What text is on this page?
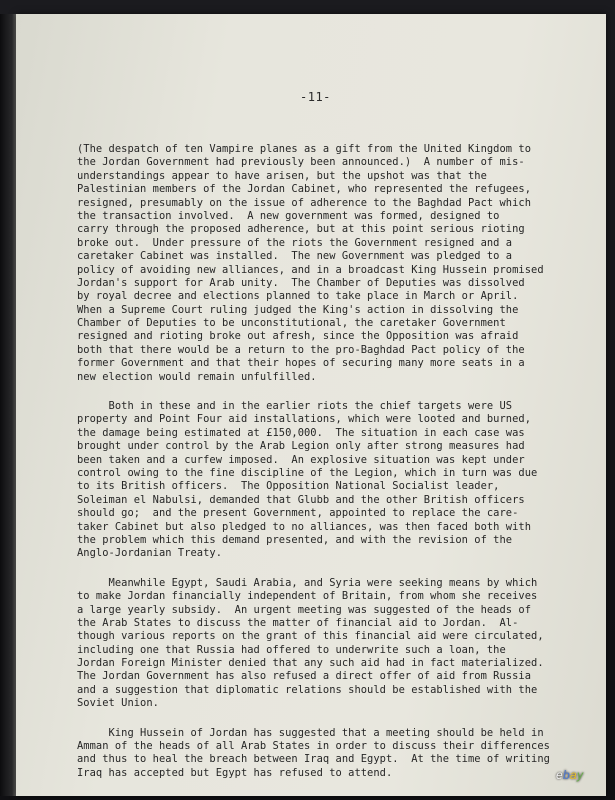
-11-
(The despatch of ten Vampire planes as a gift from the United Kingdom to
the Jordan Government had previously been announced.)  A number of mis-
understandings appear to have arisen, but the upshot was that the
Palestinian members of the Jordan Cabinet, who represented the refugees,
resigned, presumably on the issue of adherence to the Baghdad Pact which
the transaction involved.  A new government was formed, designed to
carry through the proposed adherence, but at this point serious rioting
broke out.  Under pressure of the riots the Government resigned and a
caretaker Cabinet was installed.  The new Government was pledged to a
policy of avoiding new alliances, and in a broadcast King Hussein promised
Jordan's support for Arab unity.  The Chamber of Deputies was dissolved
by royal decree and elections planned to take place in March or April.
When a Supreme Court ruling judged the King's action in dissolving the
Chamber of Deputies to be unconstitutional, the caretaker Government
resigned and rioting broke out afresh, since the Opposition was afraid
both that there would be a return to the pro-Baghdad Pact policy of the
former Government and that their hopes of securing many more seats in a
new election would remain unfulfilled.
Both in these and in the earlier riots the chief targets were US
property and Point Four aid installations, which were looted and burned,
the damage being estimated at £150,000.  The situation in each case was
brought under control by the Arab Legion only after strong measures had
been taken and a curfew imposed.  An explosive situation was kept under
control owing to the fine discipline of the Legion, which in turn was due
to its British officers.  The Opposition National Socialist leader,
Soleiman el Nabulsi, demanded that Glubb and the other British officers
should go;  and the present Government, appointed to replace the care-
taker Cabinet but also pledged to no alliances, was then faced both with
the problem which this demand presented, and with the revision of the
Anglo-Jordanian Treaty.
Meanwhile Egypt, Saudi Arabia, and Syria were seeking means by which
to make Jordan financially independent of Britain, from whom she receives
a large yearly subsidy.  An urgent meeting was suggested of the heads of
the Arab States to discuss the matter of financial aid to Jordan.  Al-
though various reports on the grant of this financial aid were circulated,
including one that Russia had offered to underwrite such a loan, the
Jordan Foreign Minister denied that any such aid had in fact materialized.
The Jordan Government has also refused a direct offer of aid from Russia
and a suggestion that diplomatic relations should be established with the
Soviet Union.
King Hussein of Jordan has suggested that a meeting should be held in
Amman of the heads of all Arab States in order to discuss their differences
and thus to heal the breach between Iraq and Egypt.  At the time of writing
Iraq has accepted but Egypt has refused to attend.	ebay
